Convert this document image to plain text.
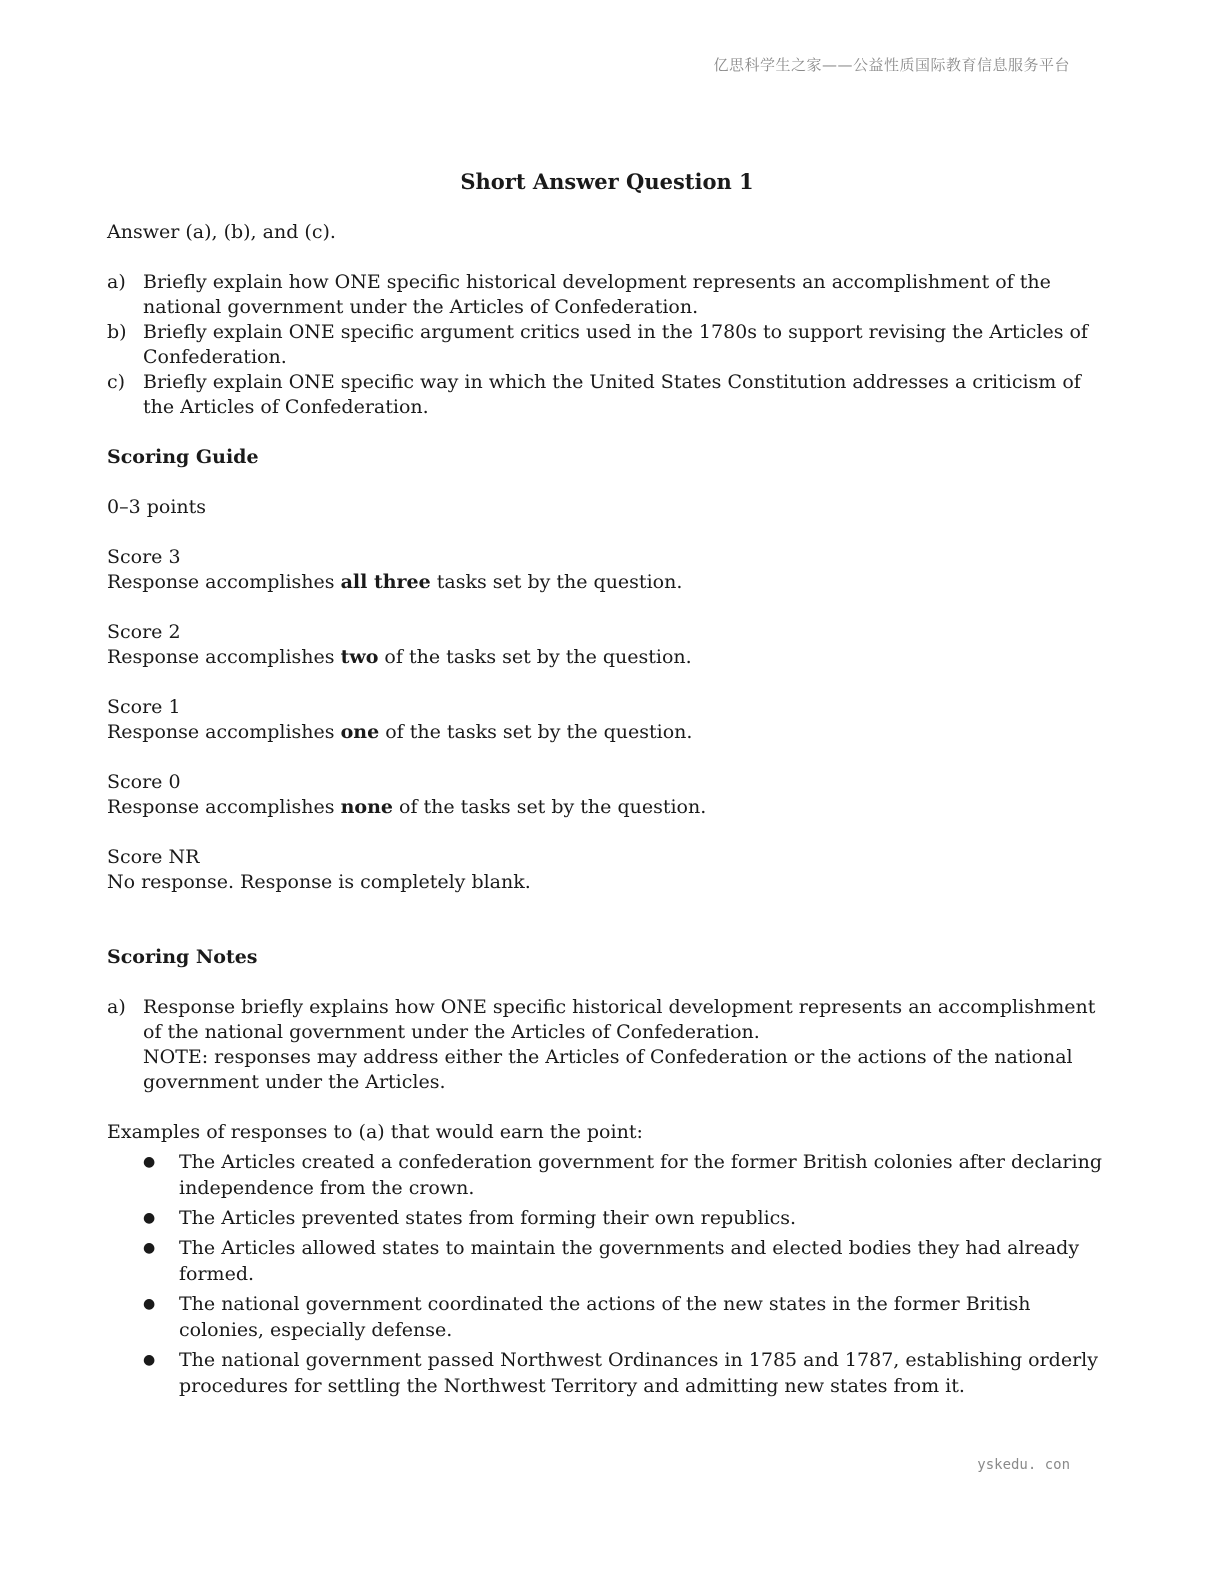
亿思科学生之家——公益性质国际教育信息服务平台
Short Answer Question 1

Answer (a), (b), and (c).

a) Briefly explain how ONE specific historical development represents an accomplishment of the national government under the Articles of Confederation.
b) Briefly explain ONE specific argument critics used in the 1780s to support revising the Articles of Confederation.
c) Briefly explain ONE specific way in which the United States Constitution addresses a criticism of the Articles of Confederation.
Scoring Guide

0–3 points

Score 3

Response accomplishes all three tasks set by the question.

Score 2

Response accomplishes two of the tasks set by the question.

Score 1

Response accomplishes one of the tasks set by the question.

Score 0

Response accomplishes none of the tasks set by the question.

Score NR

No response. Response is completely blank.

Scoring Notes
a) Response briefly explains how ONE specific historical development represents an accomplishment of the national government under the Articles of Confederation.

NOTE: responses may address either the Articles of Confederation or the actions of the national government under the Articles.

Examples of responses to (a) that would earn the point:

● The Articles created a confederation government for the former British colonies after declaring independence from the crown.
● The Articles prevented states from forming their own republics.
● The Articles allowed states to maintain the governments and elected bodies they had already formed.
● The national government coordinated the actions of the new states in the former British colonies, especially defense.
● The national government passed Northwest Ordinances in 1785 and 1787, establishing orderly procedures for settling the Northwest Territory and admitting new states from it.
yskedu. con
